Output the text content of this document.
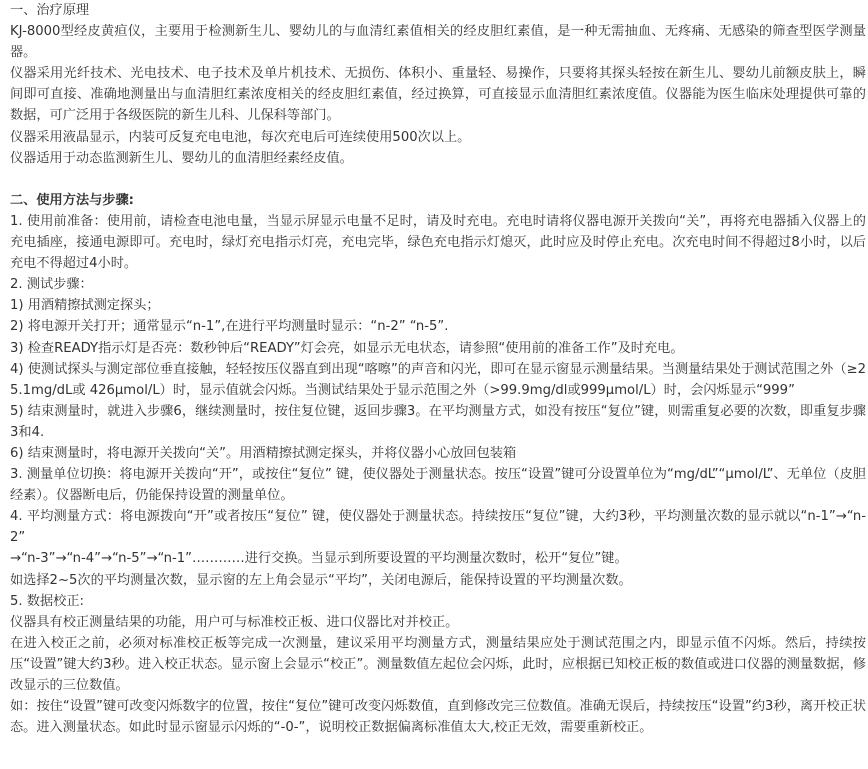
一、治疗原理

KJ-8000型经皮黄疸仪，主要用于检测新生儿、婴幼儿的与血清红素值相关的经皮胆红素值，是一种无需抽血、无疼痛、无感染的筛查型医学测量器。

仪器采用光纤技术、光电技术、电子技术及单片机技术、无损伤、体积小、重量轻、易操作，只要将其探头轻按在新生儿、婴幼儿前额皮肤上，瞬间即可直接、准确地测量出与血清胆红素浓度相关的经皮胆红素值，经过换算，可直接显示血清胆红素浓度值。仪器能为医生临床处理提供可靠的数据，可广泛用于各级医院的新生儿科、儿保科等部门。

仪器采用液晶显示，内装可反复充电电池，每次充电后可连续使用500次以上。

仪器适用于动态监测新生儿、婴幼儿的血清胆经素经皮值。

二、使用方法与步骤:

1. 使用前准备：使用前，请检查电池电量，当显示屏显示电量不足时，请及时充电。充电时请将仪器电源开关拨向“关”，再将充电器插入仪器上的充电插座，接通电源即可。充电时，绿灯充电指示灯亮，充电完毕，绿色充电指示灯熄灭，此时应及时停止充电。次充电时间不得超过8小时，以后充电不得超过4小时。

2. 测试步骤：

1) 用酒精擦拭测定探头；

2) 将电源开关打开；通常显示“n-1”,在进行平均测量时显示：“n-2” “n-5”.

3) 检查READY指示灯是否亮：数秒钟后“READY”灯会亮，如显示无电状态，请参照“使用前的准备工作”及时充电。

4) 使测试探头与测定部位垂直接触，轻轻按压仪器直到出现“喀嚓”的声音和闪光，即可在显示窗显示测量结果。当测量结果处于测试范围之外（≥25.1mg/dL或 426μmol/L）时，显示值就会闪烁。当测试结果处于显示范围之外（>99.9mg/dl或999μmol/L）时，会闪烁显示“999”

5) 结束测量时，就进入步骤6，继续测量时，按住复位键，返回步骤3。在平均测量方式，如没有按压“复位”键，则需重复必要的次数，即重复步骤3和4.

6) 结束测量时，将电源开关拨向“关”。用酒精擦拭测定探头，并将仪器小心放回包装箱

3. 测量单位切换：将电源开关拨向“开”，或按住“复位” 键，使仪器处于测量状态。按压“设置”键可分设置单位为“mg/dL”“μmol/L”、无单位（皮胆经素）。仪器断电后，仍能保持设置的测量单位。

4. 平均测量方式：将电源拨向“开”或者按压“复位” 键，使仪器处于测量状态。持续按压“复位”键，大约3秒，平均测量次数的显示就以“n-1”→“n-2”

→“n-3”→“n-4”→“n-5”→“n-1”…………进行交换。当显示到所要设置的平均测量次数时，松开“复位”键。

如选择2~5次的平均测量次数，显示窗的左上角会显示“平均”，关闭电源后，能保持设置的平均测量次数。

5. 数据校正:

仪器具有校正测量结果的功能，用户可与标准校正板、进口仪器比对并校正。

在进入校正之前，必须对标准校正板等完成一次测量，建议采用平均测量方式，测量结果应处于测试范围之内，即显示值不闪烁。然后，持续按压“设置”键大约3秒。进入校正状态。显示窗上会显示“校正”。测量数值左起位会闪烁，此时，应根据已知校正板的数值或进口仪器的测量数据，修改显示的三位数值。

如：按住“设置”键可改变闪烁数字的位置，按住“复位”键可改变闪烁数值，直到修改完三位数值。准确无误后，持续按压“设置”约3秒，离开校正状态。进入测量状态。如此时显示窗显示闪烁的“-0-”，说明校正数据偏离标准值太大,校正无效，需要重新校正。
